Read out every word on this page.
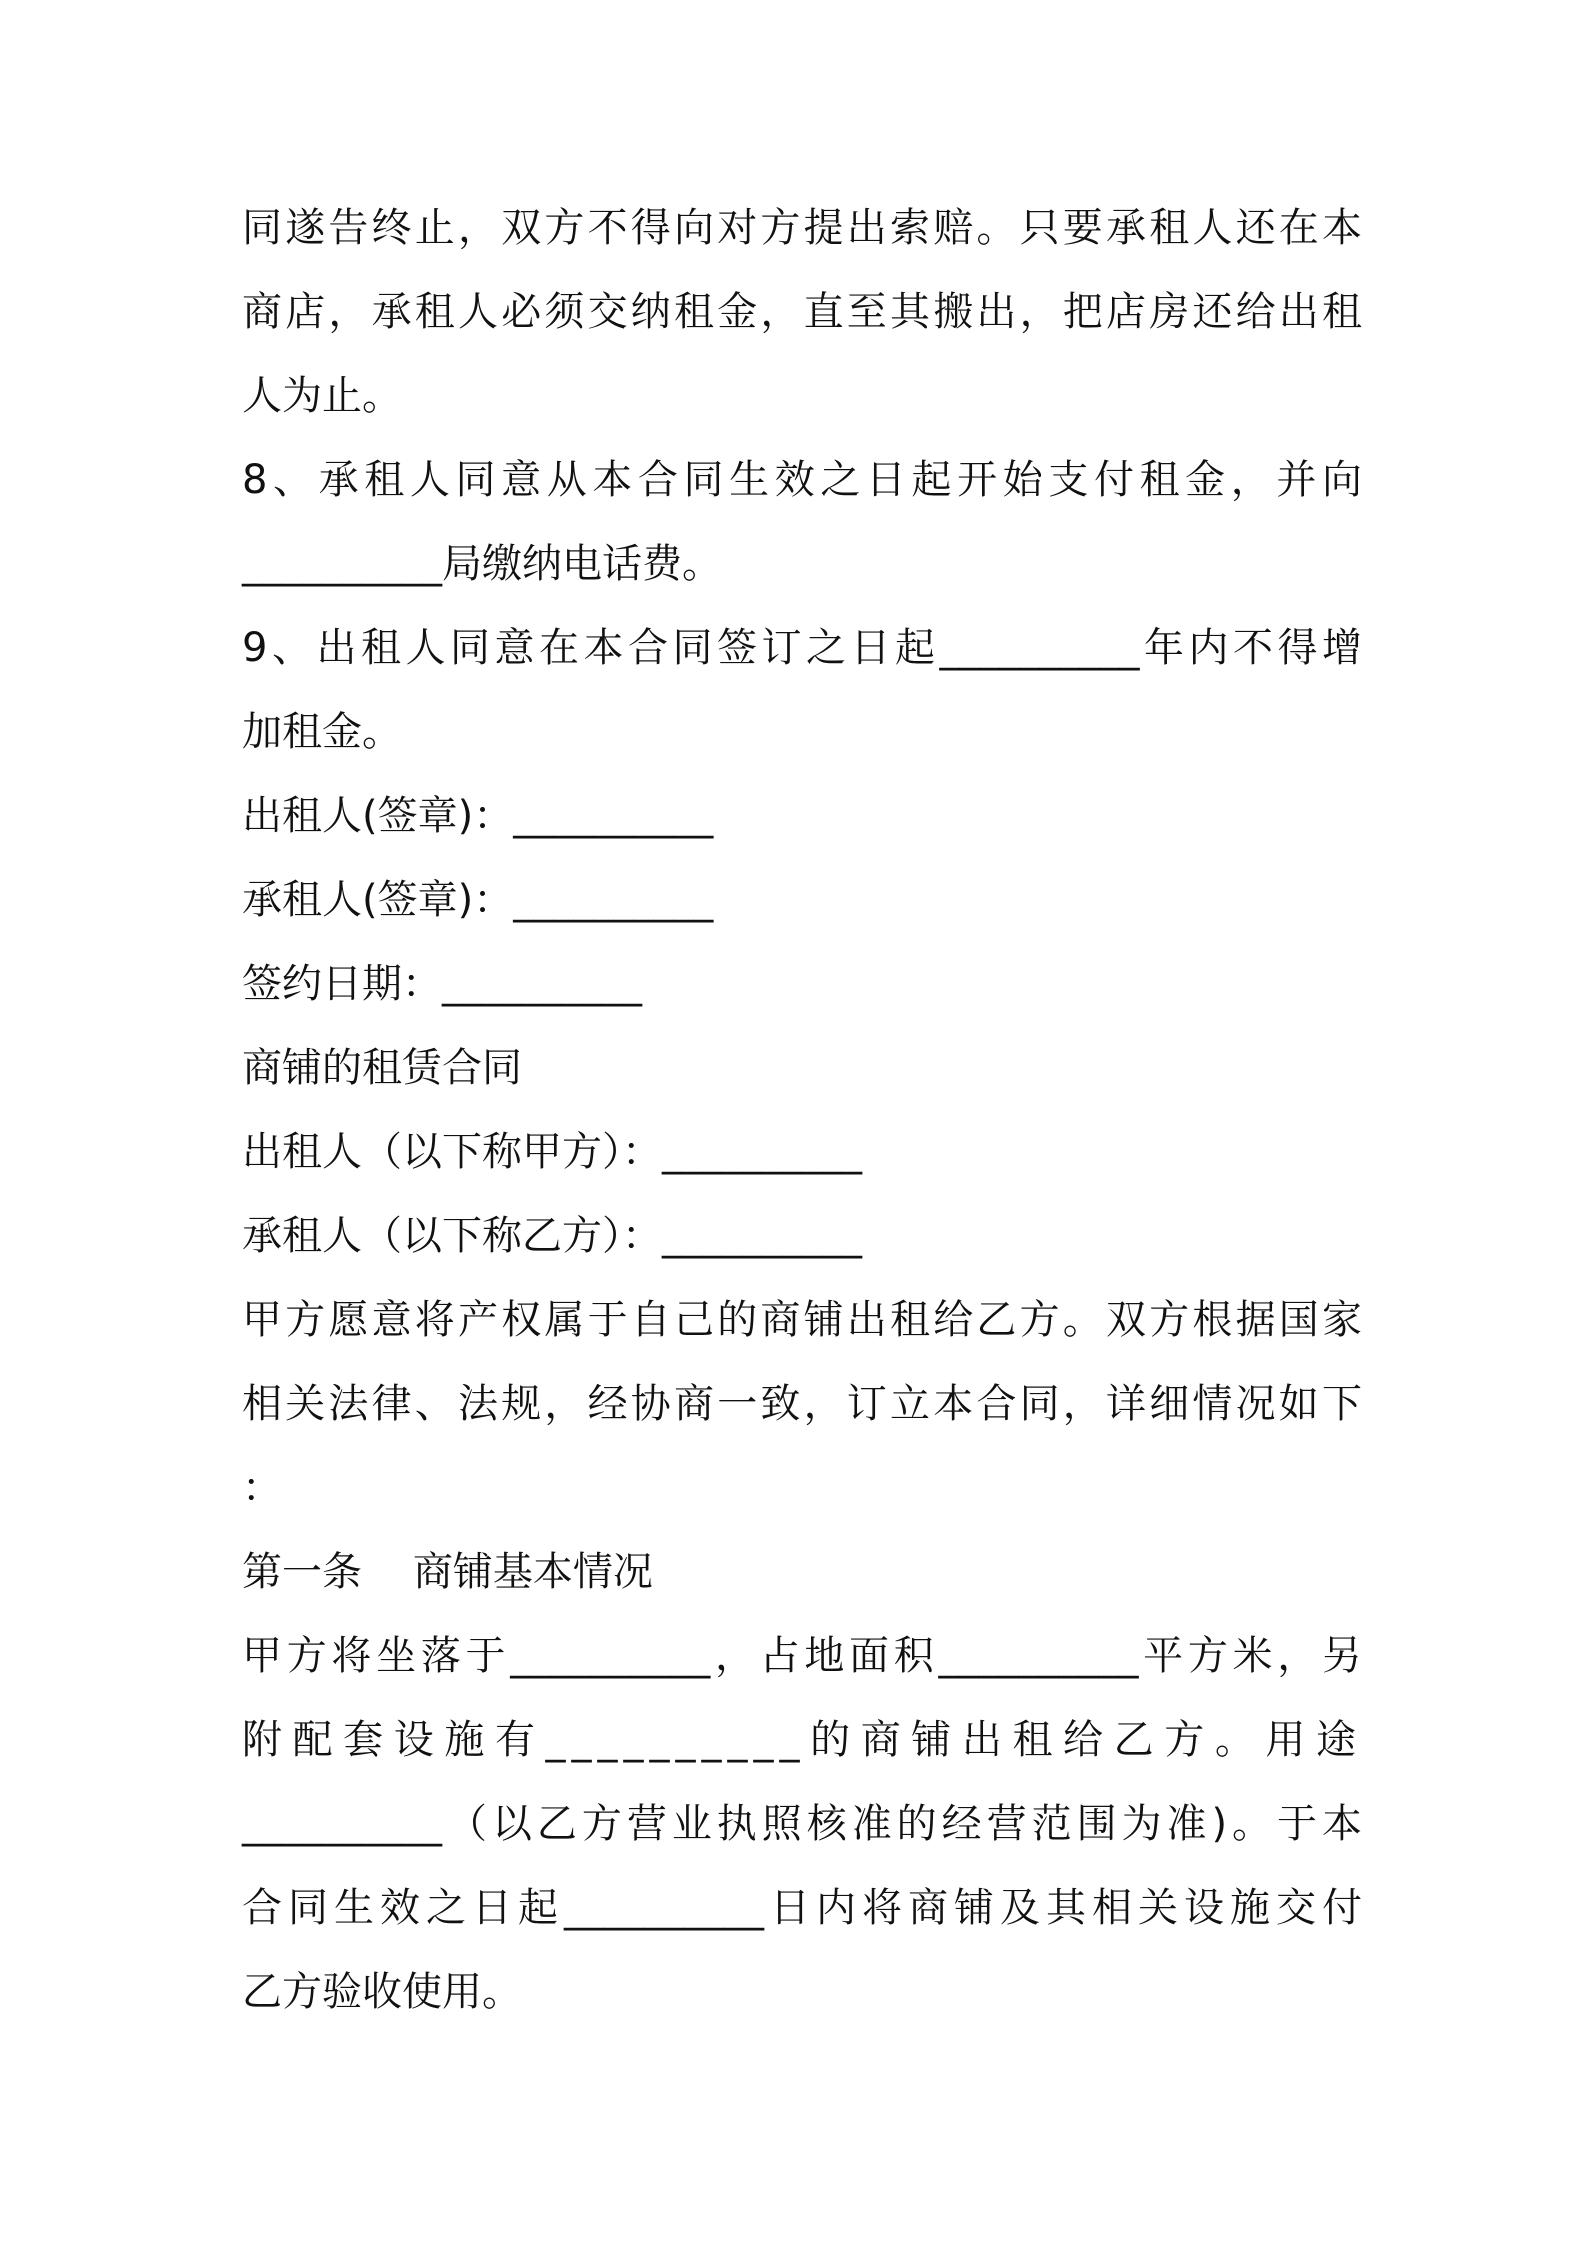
同遂告终止，双方不得向对方提出索赔。只要承租人还在本
商店，承租人必须交纳租金，直至其搬出，把店房还给出租
人为止。
8、承租人同意从本合同生效之日起开始支付租金，并向
__________局缴纳电话费。
9、出租人同意在本合同签订之日起__________年内不得增
加租金。
出租人(签章)：__________
承租人(签章)：__________
签约日期：__________
商铺的租赁合同
出租人（以下称甲方）：__________
承租人（以下称乙方）：__________
甲方愿意将产权属于自己的商铺出租给乙方。双方根据国家
相关法律、法规，经协商一致，订立本合同，详细情况如下
：
第一条    商铺基本情况
甲方将坐落于__________，占地面积__________平方米，另
附配套设施有__________的商铺出租给乙方。用途
__________（以乙方营业执照核准的经营范围为准)。于本
合同生效之日起__________日内将商铺及其相关设施交付
乙方验收使用。
